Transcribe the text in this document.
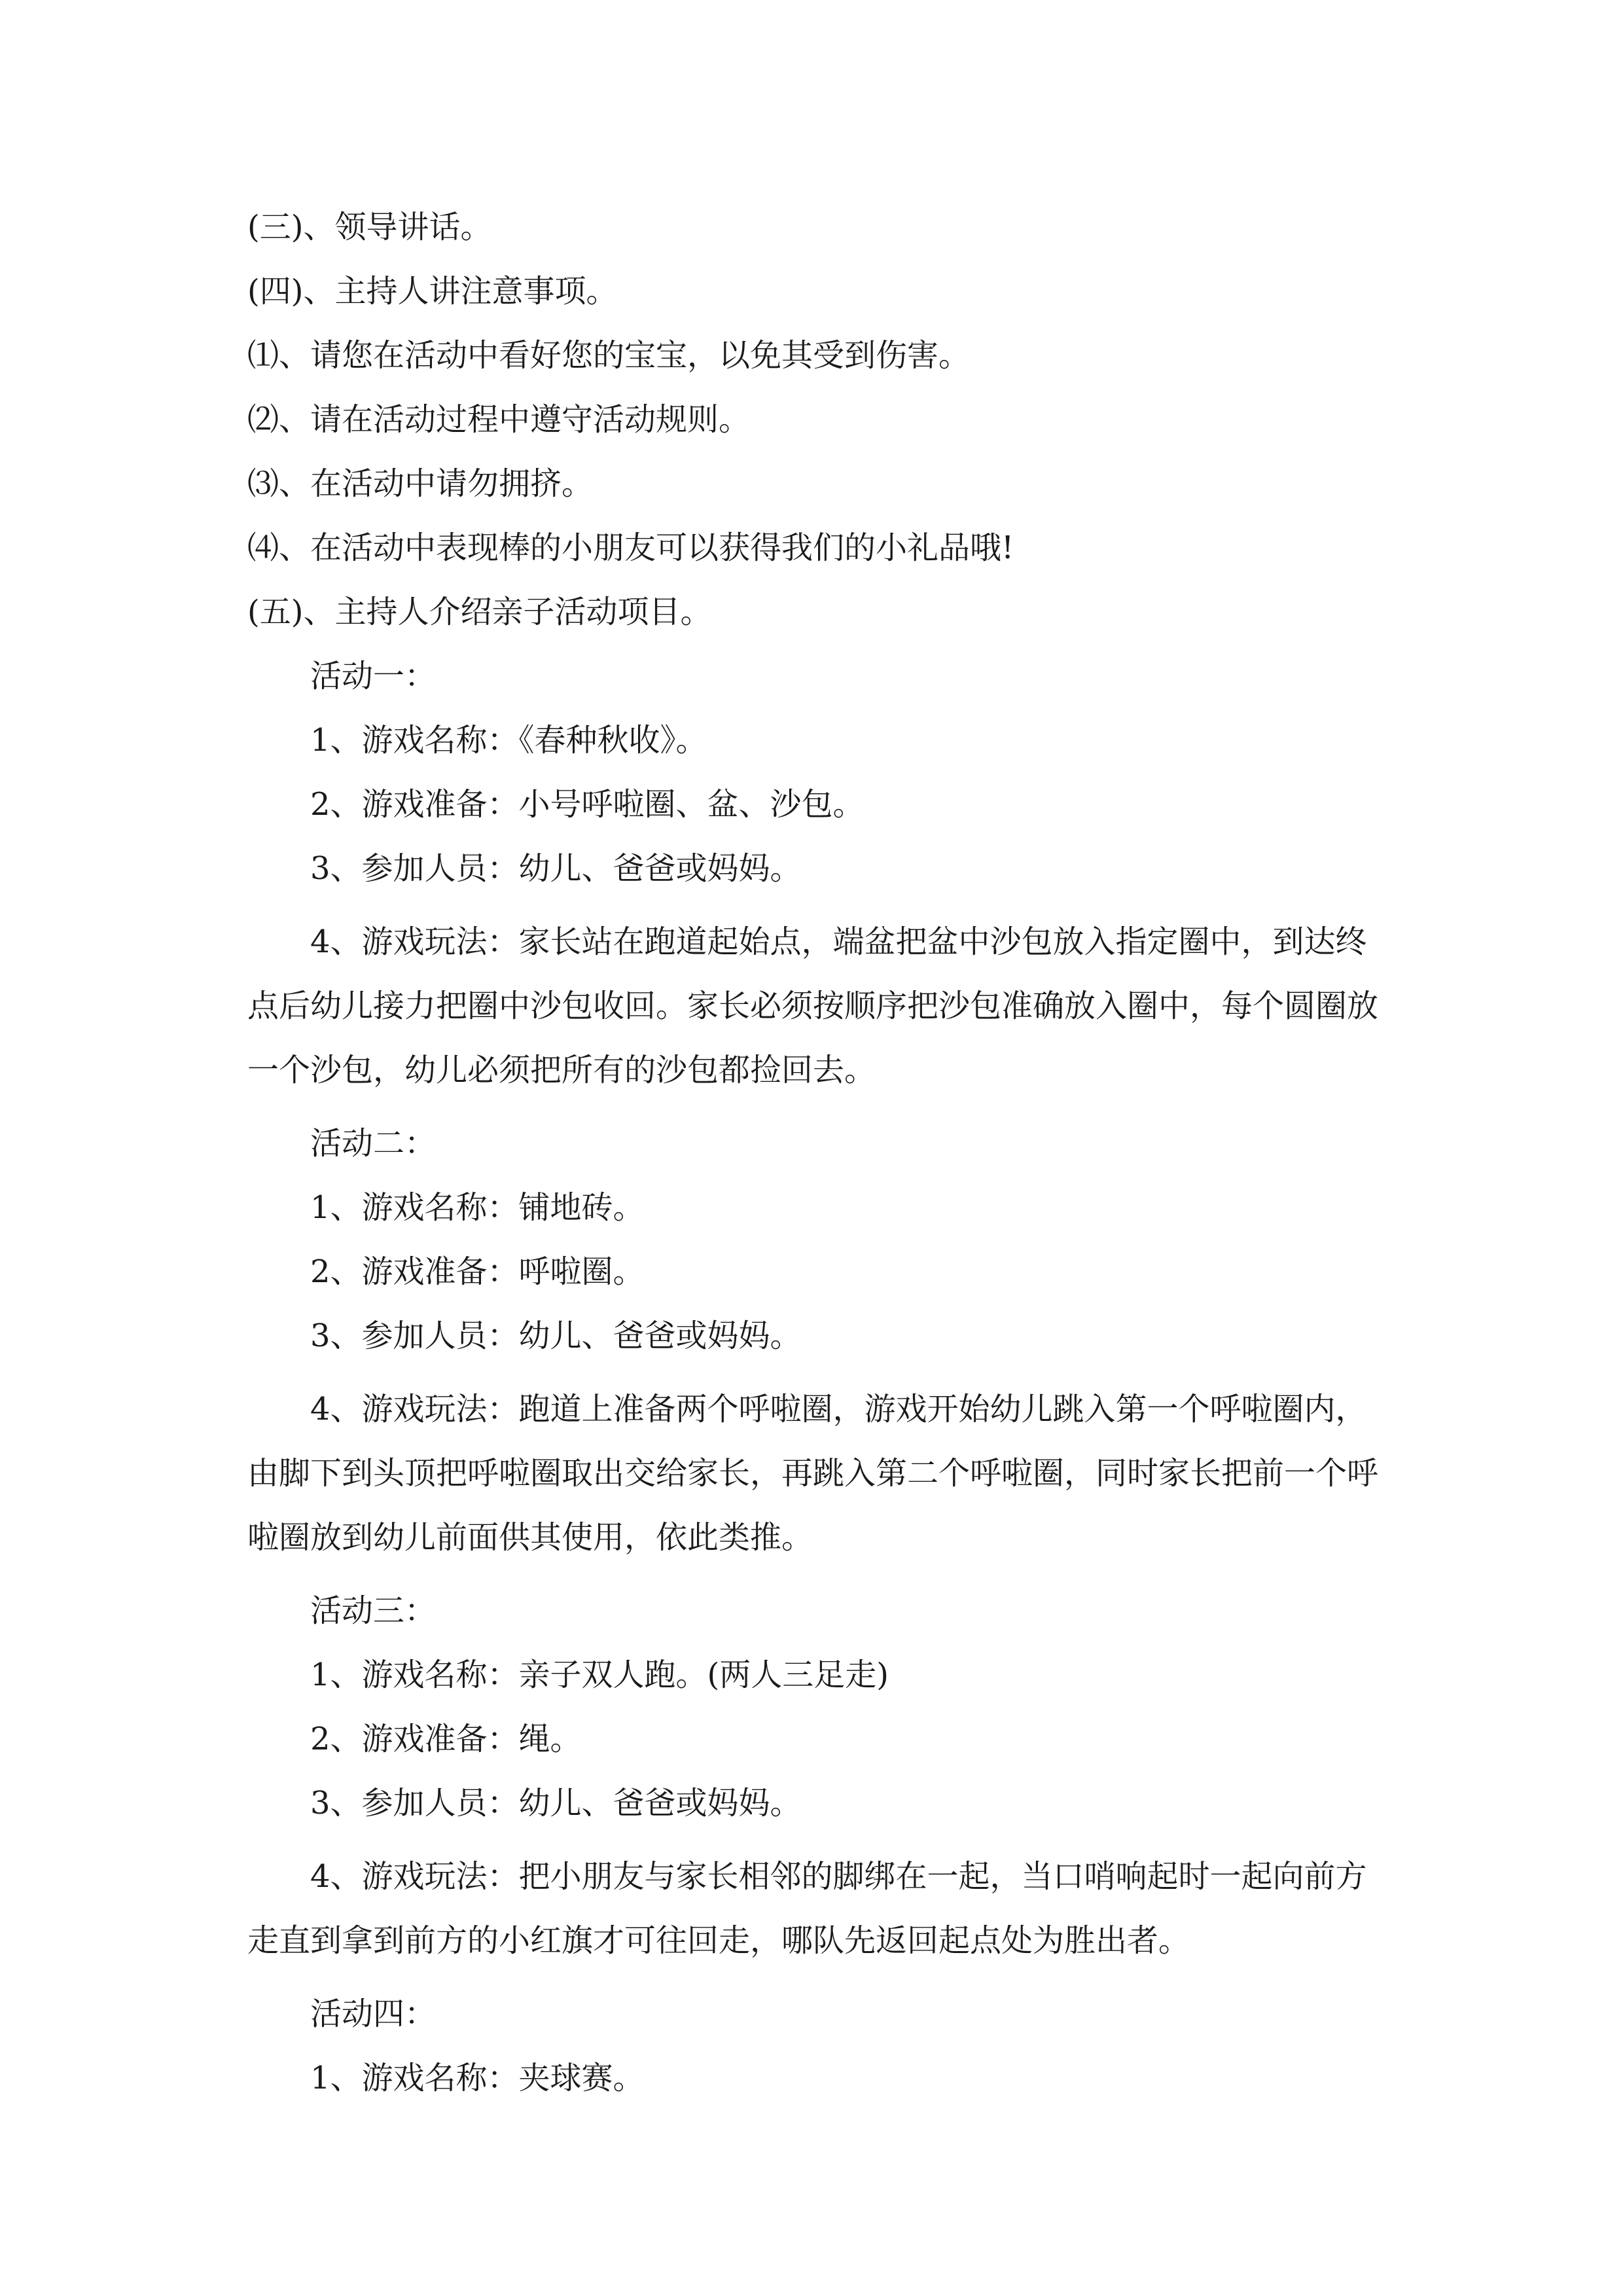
(三)、领导讲话。

(四)、主持人讲注意事项。

⑴、请您在活动中看好您的宝宝，以免其受到伤害。

⑵、请在活动过程中遵守活动规则。

⑶、在活动中请勿拥挤。

⑷、在活动中表现棒的小朋友可以获得我们的小礼品哦!

(五)、主持人介绍亲子活动项目。

活动一：

1、游戏名称：《春种秋收》。

2、游戏准备：小号呼啦圈、盆、沙包。

3、参加人员：幼儿、爸爸或妈妈。

4、游戏玩法：家长站在跑道起始点，端盆把盆中沙包放入指定圈中，到达终点后幼儿接力把圈中沙包收回。家长必须按顺序把沙包准确放入圈中，每个圆圈放一个沙包，幼儿必须把所有的沙包都捡回去。

活动二：

1、游戏名称：铺地砖。

2、游戏准备：呼啦圈。

3、参加人员：幼儿、爸爸或妈妈。

4、游戏玩法：跑道上准备两个呼啦圈，游戏开始幼儿跳入第一个呼啦圈内，由脚下到头顶把呼啦圈取出交给家长，再跳入第二个呼啦圈，同时家长把前一个呼啦圈放到幼儿前面供其使用，依此类推。

活动三：

1、游戏名称：亲子双人跑。(两人三足走)

2、游戏准备：绳。

3、参加人员：幼儿、爸爸或妈妈。

4、游戏玩法：把小朋友与家长相邻的脚绑在一起，当口哨响起时一起向前方走直到拿到前方的小红旗才可往回走，哪队先返回起点处为胜出者。

活动四：

1、游戏名称：夹球赛。
